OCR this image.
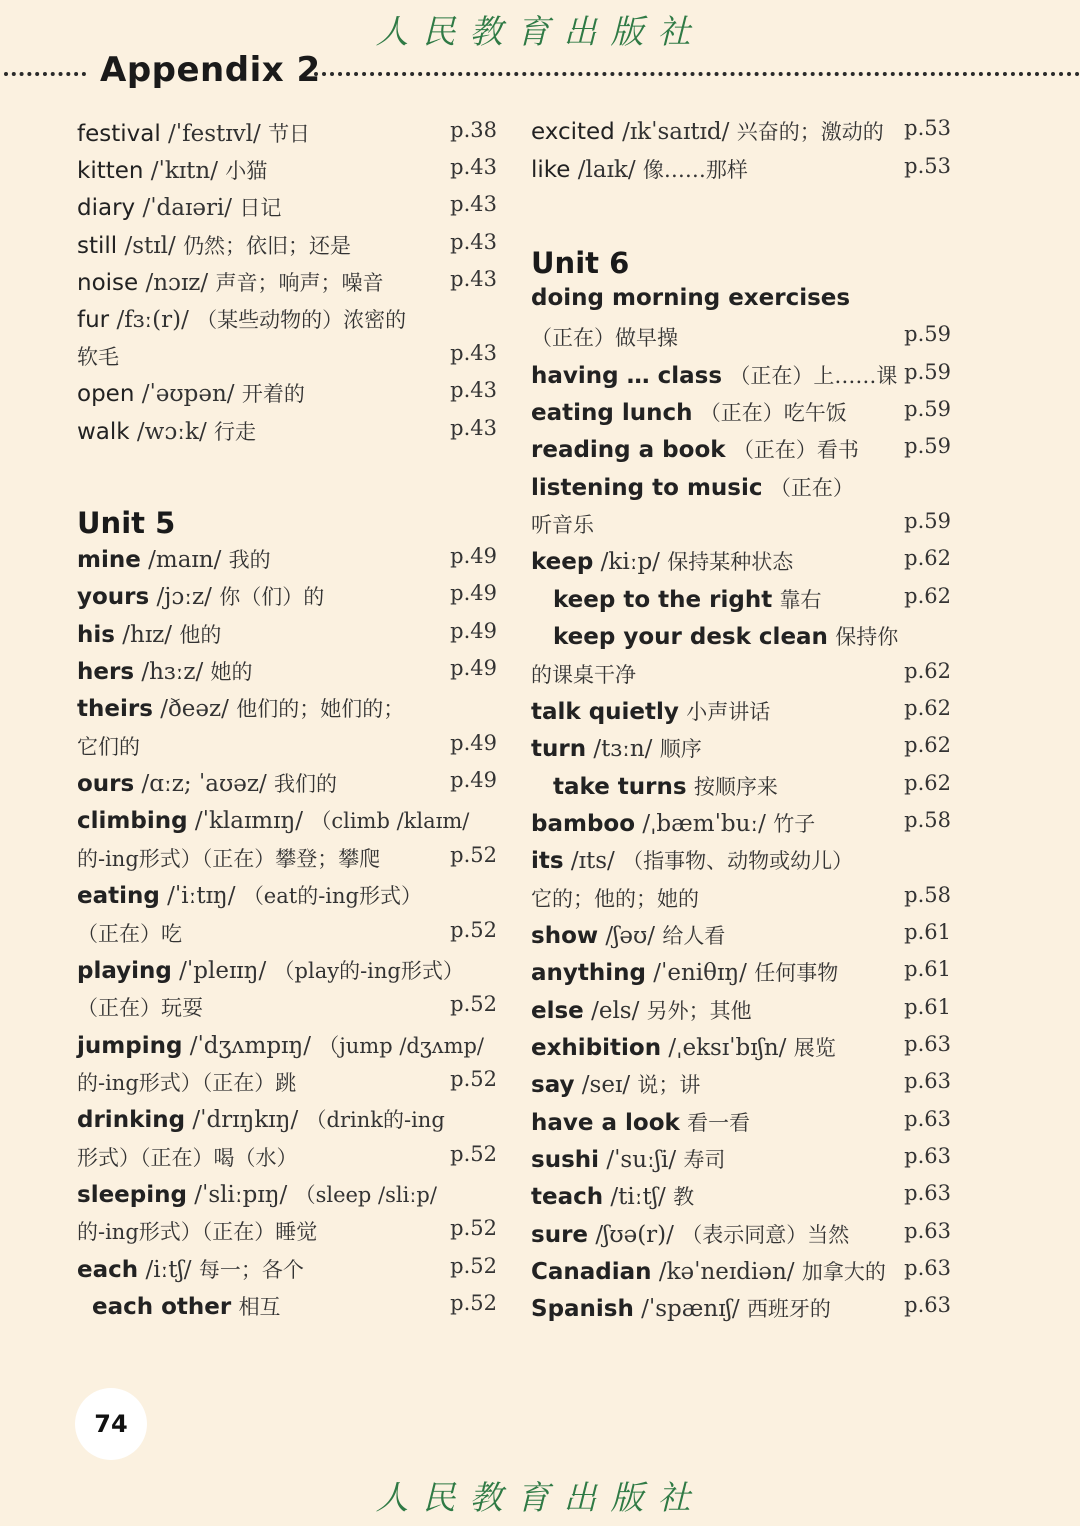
人民教育出版社
Appendix 2
festival /ˈfestɪvl/ 节日	p.38
kitten /ˈkɪtn/ 小猫	p.43
diary /ˈdaɪəri/ 日记	p.43
still /stɪl/ 仍然；依旧；还是	p.43
noise /nɔɪz/ 声音；响声；噪音	p.43
fur /fɜː(r)/ （某些动物的）浓密的
软毛	p.43
open /ˈəʊpən/ 开着的	p.43
walk /wɔːk/ 行走	p.43
Unit 5
mine /maɪn/ 我的	p.49
yours /jɔːz/ 你（们）的	p.49
his /hɪz/ 他的	p.49
hers /hɜːz/ 她的	p.49
theirs /ðeəz/ 他们的；她们的；
它们的	p.49
ours /ɑːz; ˈaʊəz/ 我们的	p.49
climbing /ˈklaɪmɪŋ/ （climb /klaɪm/
的-ing形式）（正在）攀登；攀爬	p.52
eating /ˈiːtɪŋ/ （eat的-ing形式）
（正在）吃	p.52
playing /ˈpleɪɪŋ/ （play的-ing形式）
（正在）玩耍	p.52
jumping /ˈdʒʌmpɪŋ/ （jump /dʒʌmp/
的-ing形式）（正在）跳	p.52
drinking /ˈdrɪŋkɪŋ/ （drink的-ing
形式）（正在）喝（水）	p.52
sleeping /ˈsliːpɪŋ/ （sleep /sliːp/
的-ing形式）（正在）睡觉	p.52
each /iːtʃ/ 每一；各个	p.52
each other 相互	p.52
excited /ɪkˈsaɪtɪd/ 兴奋的；激动的 p.53
like /laɪk/ 像……那样	p.53
Unit 6
doing morning exercises
（正在）做早操	p.59
having … class （正在）上……课 p.59
eating lunch （正在）吃午饭	p.59
reading a book （正在）看书 p.59
listening to music （正在）
听音乐	p.59
keep /kiːp/ 保持某种状态	p.62
keep to the right 靠右	p.62
keep your desk clean 保持你
的课桌干净	p.62
talk quietly 小声讲话	p.62
turn /tɜːn/ 顺序	p.62
take turns 按顺序来	p.62
bamboo /ˌbæmˈbuː/ 竹子	p.58
its /ɪts/ （指事物、动物或幼儿）
它的；他的；她的	p.58
show /ʃəʊ/ 给人看	p.61
anything /ˈeniθɪŋ/ 任何事物	p.61
else /els/ 另外；其他	p.61
exhibition /ˌeksɪˈbɪʃn/ 展览	p.63
say /seɪ/ 说；讲	p.63
have a look 看一看	p.63
sushi /ˈsuːʃi/ 寿司	p.63
teach /tiːtʃ/ 教	p.63
sure /ʃʊə(r)/ （表示同意）当然	p.63
Canadian /kəˈneɪdiən/ 加拿大的 p.63
Spanish /ˈspænɪʃ/ 西班牙的	p.63
74
人民教育出版社
